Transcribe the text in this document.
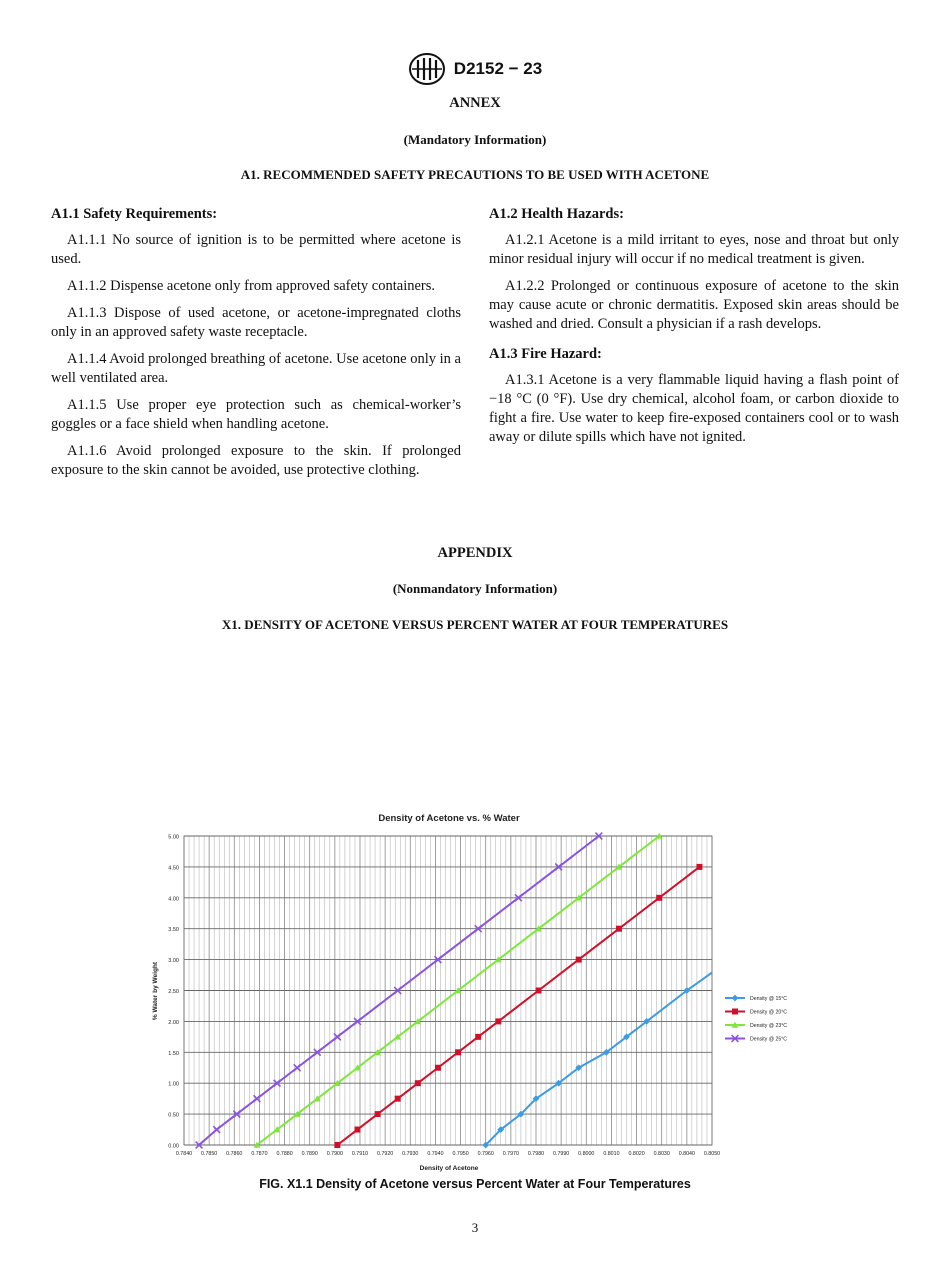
D2152 − 23
ANNEX
(Mandatory Information)
A1. RECOMMENDED SAFETY PRECAUTIONS TO BE USED WITH ACETONE
A1.1 Safety Requirements:

A1.1.1 No source of ignition is to be permitted where acetone is used.

A1.1.2 Dispense acetone only from approved safety containers.

A1.1.3 Dispose of used acetone, or acetone-impregnated cloths only in an approved safety waste receptacle.

A1.1.4 Avoid prolonged breathing of acetone. Use acetone only in a well ventilated area.

A1.1.5 Use proper eye protection such as chemical-worker’s goggles or a face shield when handling acetone.

A1.1.6 Avoid prolonged exposure to the skin. If prolonged exposure to the skin cannot be avoided, use protective clothing.

A1.2 Health Hazards:

A1.2.1 Acetone is a mild irritant to eyes, nose and throat but only minor residual injury will occur if no medical treatment is given.

A1.2.2 Prolonged or continuous exposure of acetone to the skin may cause acute or chronic dermatitis. Exposed skin areas should be washed and dried. Consult a physician if a rash develops.

A1.3 Fire Hazard:

A1.3.1 Acetone is a very flammable liquid having a flash point of −18 °C (0 °F). Use dry chemical, alcohol foam, or carbon dioxide to fight a fire. Use water to keep fire-exposed containers cool or to wash away or dilute spills which have not ignited.

APPENDIX
(Nonmandatory Information)
X1. DENSITY OF ACETONE VERSUS PERCENT WATER AT FOUR TEMPERATURES
Density of Acetone vs. % Water
0.00
0.50
1.00
1.50
2.00
2.50
3.00
3.50
4.00
4.50
5.00
0.7840 0.7850 0.7860 0.7870 0.7880 0.7890 0.7900 0.7910 0.7920 0.7930 0.7940 0.7950 0.7960 0.7970 0.7980 0.7990 0.8000 0.8010 0.8020 0.8030 0.8040 0.8050
Density of Acetone
% Water by Weight	Density @ 15°C
Density @ 20°C
Density @ 23°C
Density @ 25°C
FIG. X1.1 Density of Acetone versus Percent Water at Four Temperatures
3
